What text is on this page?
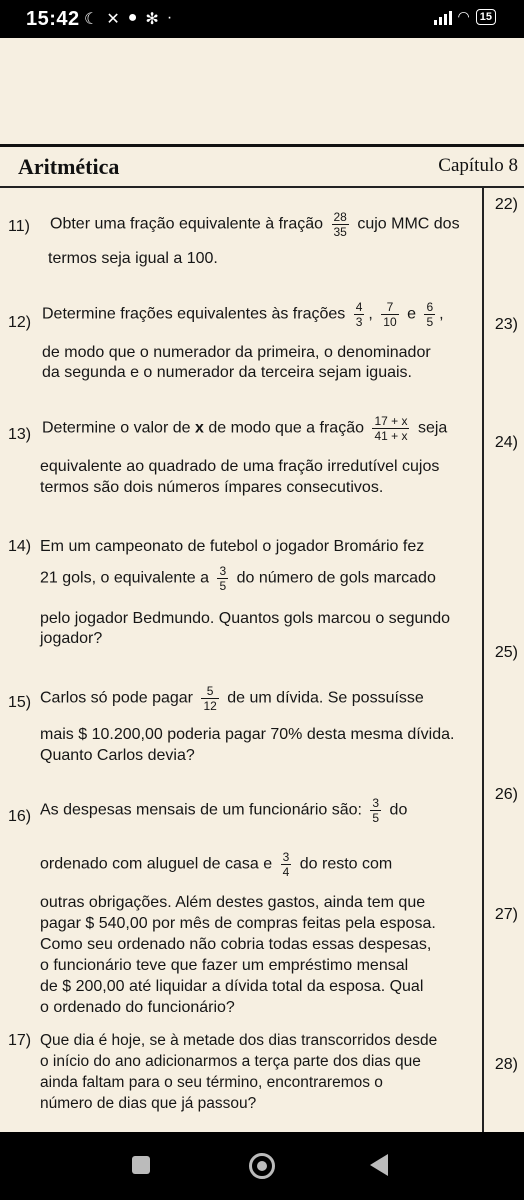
15:42 ☾ ✕ ● ✻ ·	◠ 15
Aritmética	Capítulo 8
22)
23)
24)
25)
26)
27)
28)
11) Obter uma fração equivalente à fração $\frac{28}{35}$ cujo MMC dos
termos seja igual a 100.
12) Determine frações equivalentes às frações $\frac{4}{3}$ , $\frac{7}{10}$ e $\frac{6}{5}$ ,
de modo que o numerador da primeira, o denominador
da segunda e o numerador da terceira sejam iguais.
13) Determine o valor de x de modo que a fração $\frac{17 + x}{41 + x}$ seja
equivalente ao quadrado de uma fração irredutível cujos
termos são dois números ímpares consecutivos.
14) Em um campeonato de futebol o jogador Bromário fez
21 gols, o equivalente a $\frac{3}{5}$ do número de gols marcado
pelo jogador Bedmundo. Quantos gols marcou o segundo
jogador?
15) Carlos só pode pagar $\frac{5}{12}$ de um dívida. Se possuísse
mais $ 10.200,00 poderia pagar 70% desta mesma dívida.
Quanto Carlos devia?
16) As despesas mensais de um funcionário são: $\frac{3}{5}$ do
ordenado com aluguel de casa e $\frac{3}{4}$ do resto com
outras obrigações. Além destes gastos, ainda tem que
pagar $ 540,00 por mês de compras feitas pela esposa.
Como seu ordenado não cobria todas essas despesas,
o funcionário teve que fazer um empréstimo mensal
de $ 200,00 até liquidar a dívida total da esposa. Qual
o ordenado do funcionário?
17) Que dia é hoje, se à metade dos dias transcorridos desde
o início do ano adicionarmos a terça parte dos dias que
ainda faltam para o seu término, encontraremos o
número de dias que já passou?
